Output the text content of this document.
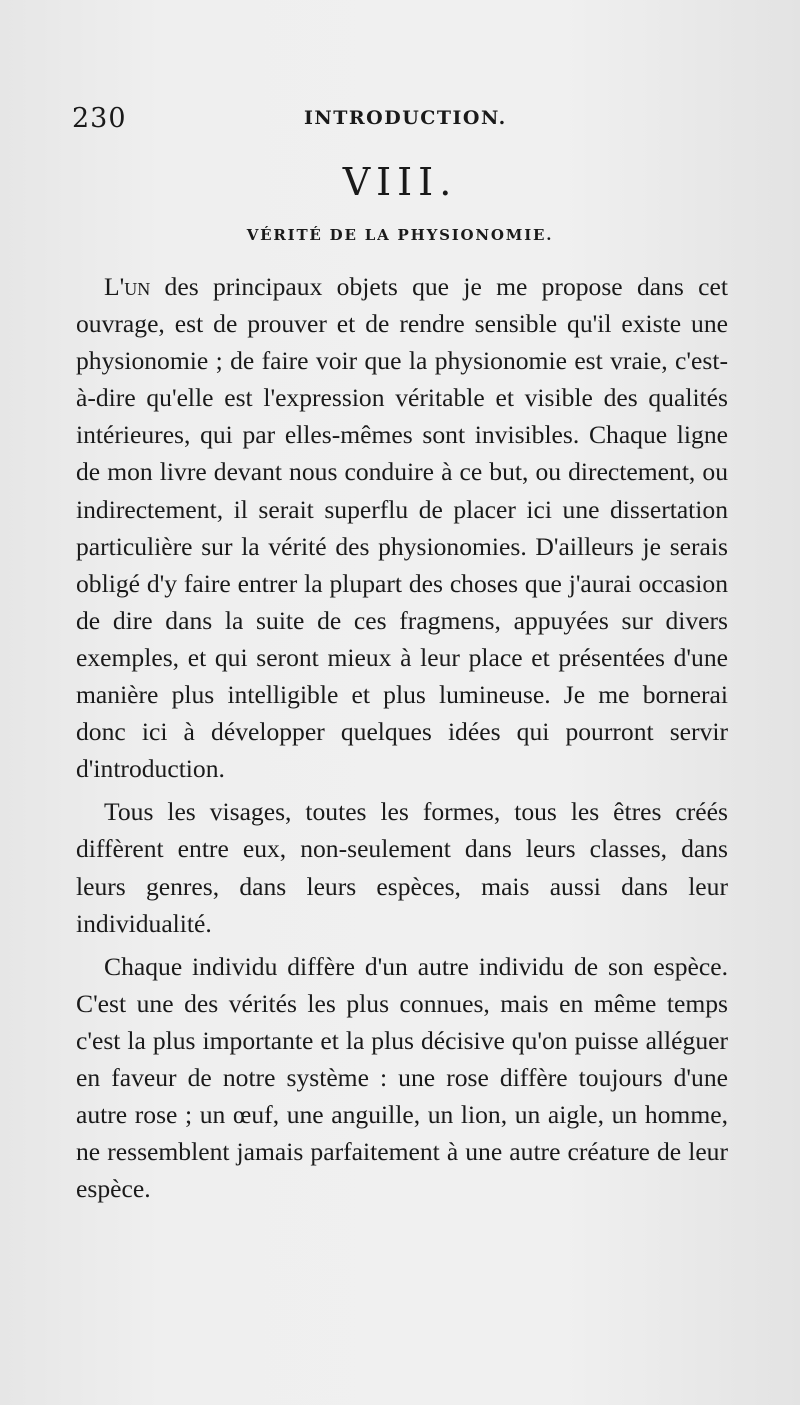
230	INTRODUCTION.
VIII.
VÉRITÉ DE LA PHYSIONOMIE.

L'un des principaux objets que je me propose dans cet ouvrage, est de prouver et de rendre sensible qu'il existe une physionomie ; de faire voir que la physionomie est vraie, c'est-à-dire qu'elle est l'expression véritable et visible des qualités intérieures, qui par elles-mêmes sont invisibles. Chaque ligne de mon livre devant nous conduire à ce but, ou directement, ou indirectement, il serait superflu de placer ici une dissertation particulière sur la vérité des physionomies. D'ailleurs je serais obligé d'y faire entrer la plupart des choses que j'aurai occasion de dire dans la suite de ces fragmens, appuyées sur divers exemples, et qui seront mieux à leur place et présentées d'une manière plus intelligible et plus lumineuse. Je me bornerai donc ici à développer quelques idées qui pourront servir d'introduction.

Tous les visages, toutes les formes, tous les êtres créés diffèrent entre eux, non-seulement dans leurs classes, dans leurs genres, dans leurs espèces, mais aussi dans leur individualité.

Chaque individu diffère d'un autre individu de son espèce. C'est une des vérités les plus connues, mais en même temps c'est la plus importante et la plus décisive qu'on puisse alléguer en faveur de notre système : une rose diffère toujours d'une autre rose ; un œuf, une anguille, un lion, un aigle, un homme, ne ressemblent jamais parfaitement à une autre créature de leur espèce.
